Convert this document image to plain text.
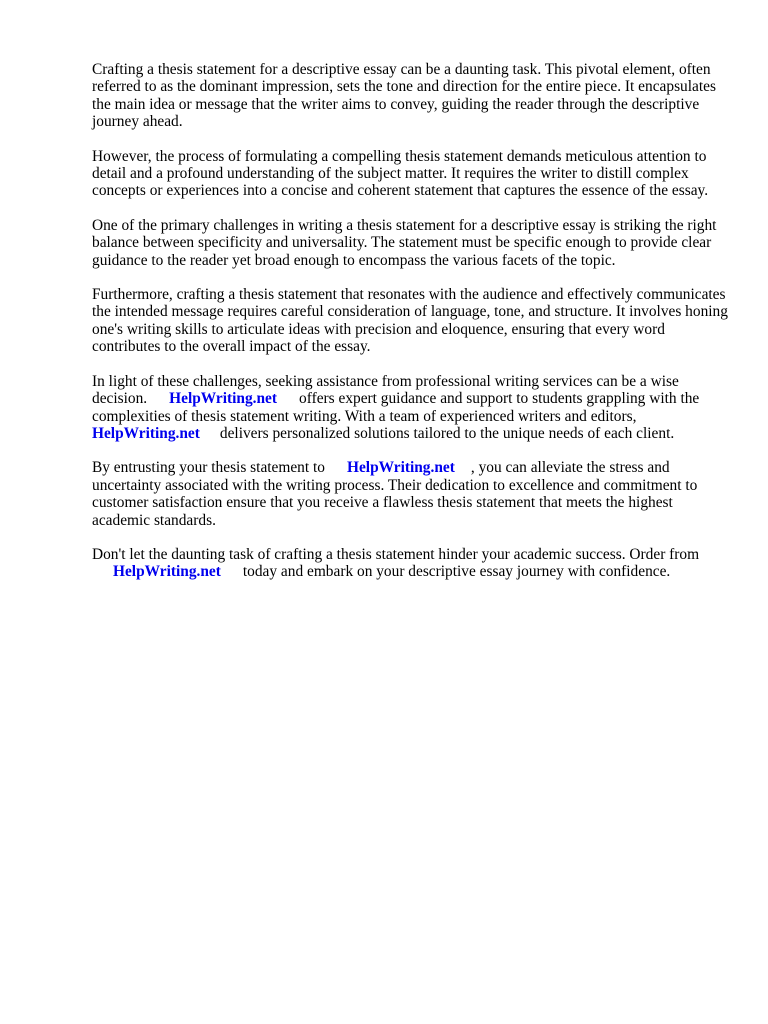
Crafting a thesis statement for a descriptive essay can be a daunting task. This pivotal element, often referred to as the dominant impression, sets the tone and direction for the entire piece. It encapsulates the main idea or message that the writer aims to convey, guiding the reader through the descriptive journey ahead.

However, the process of formulating a compelling thesis statement demands meticulous attention to detail and a profound understanding of the subject matter. It requires the writer to distill complex concepts or experiences into a concise and coherent statement that captures the essence of the essay.

One of the primary challenges in writing a thesis statement for a descriptive essay is striking the right balance between specificity and universality. The statement must be specific enough to provide clear guidance to the reader yet broad enough to encompass the various facets of the topic.

Furthermore, crafting a thesis statement that resonates with the audience and effectively communicates the intended message requires careful consideration of language, tone, and structure. It involves honing one's writing skills to articulate ideas with precision and eloquence, ensuring that every word contributes to the overall impact of the essay.

In light of these challenges, seeking assistance from professional writing services can be a wise decision. HelpWriting.net offers expert guidance and support to students grappling with the complexities of thesis statement writing. With a team of experienced writers and editors,
HelpWriting.net delivers personalized solutions tailored to the unique needs of each client.

By entrusting your thesis statement to HelpWriting.net , you can alleviate the stress and uncertainty associated with the writing process. Their dedication to excellence and commitment to customer satisfaction ensure that you receive a flawless thesis statement that meets the highest academic standards.

Don't let the daunting task of crafting a thesis statement hinder your academic success. Order from
HelpWriting.net today and embark on your descriptive essay journey with confidence.
